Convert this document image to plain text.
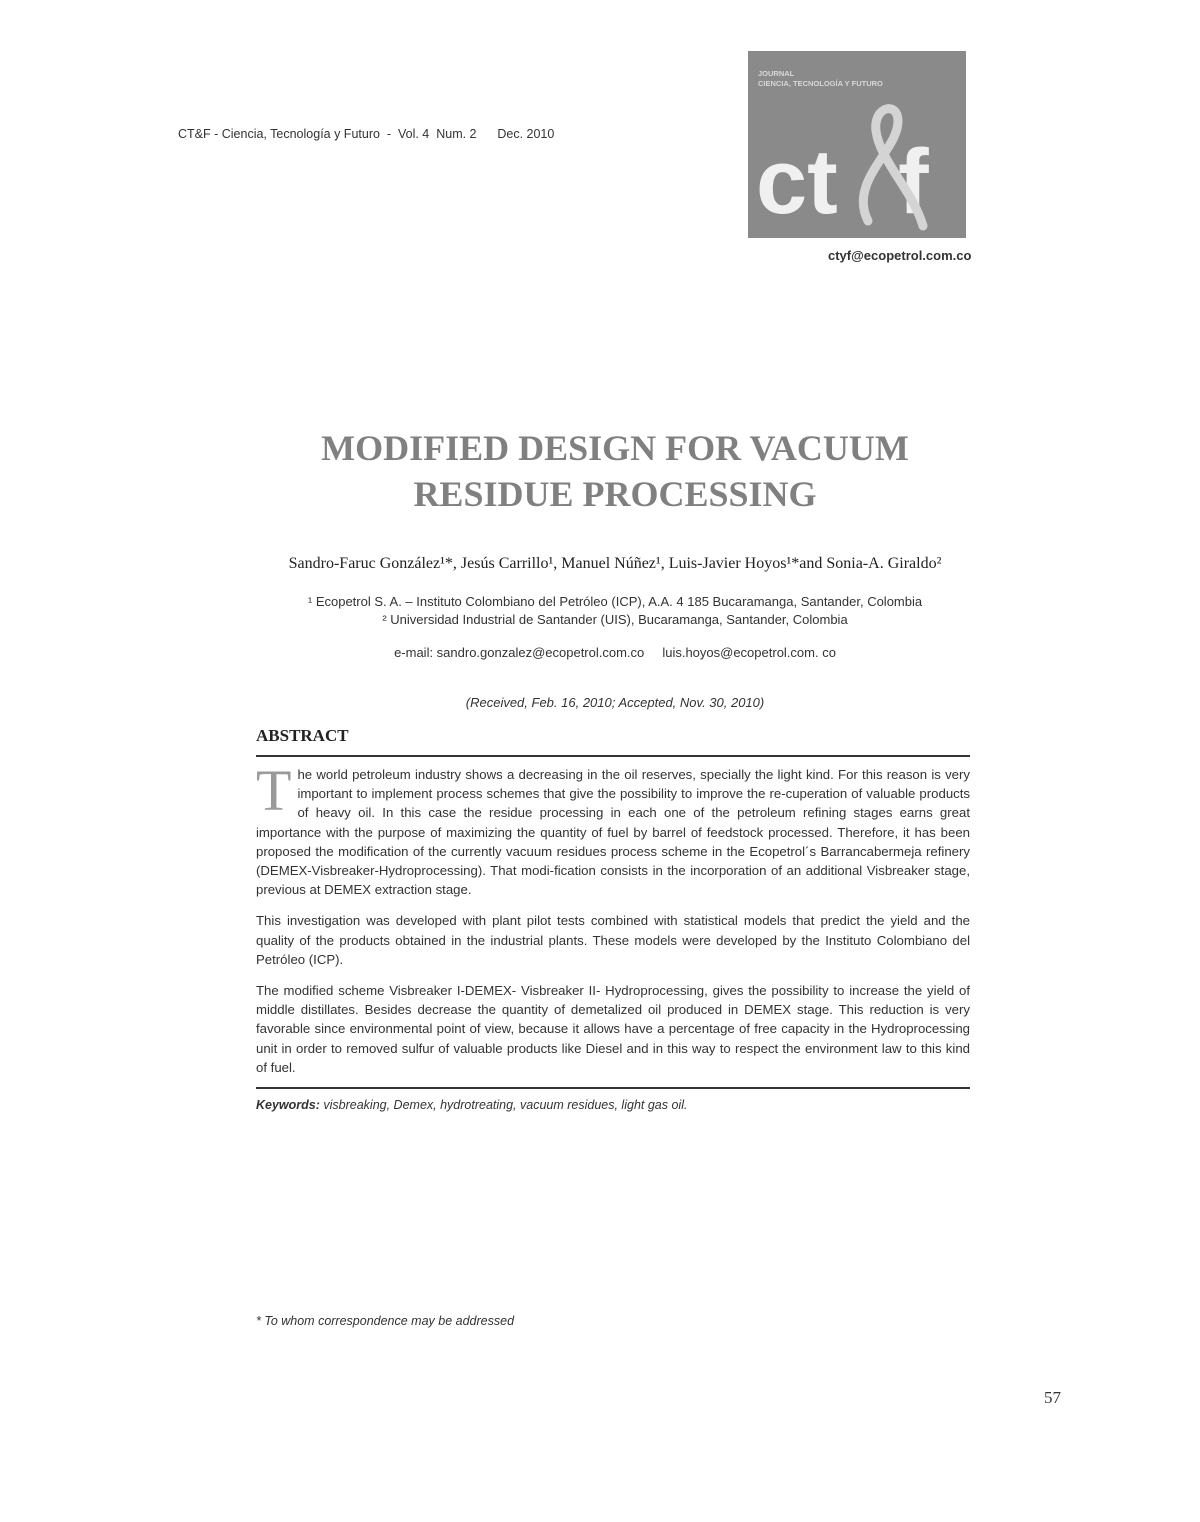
CT&F - Ciencia, Tecnología y Futuro  -  Vol. 4  Num. 2      Dec. 2010
JOURNAL
CIENCIA, TECNOLOGÍA Y FUTURO
ct f
ctyf@ecopetrol.com.co
MODIFIED DESIGN FOR VACUUM
RESIDUE PROCESSING
Sandro-Faruc González¹*, Jesús Carrillo¹, Manuel Núñez¹, Luis-Javier Hoyos¹*and Sonia-A. Giraldo²
¹ Ecopetrol S. A. – Instituto Colombiano del Petróleo (ICP), A.A. 4 185 Bucaramanga, Santander, Colombia
² Universidad Industrial de Santander (UIS), Bucaramanga, Santander, Colombia
e-mail: sandro.gonzalez@ecopetrol.com.co     luis.hoyos@ecopetrol.com. co
(Received, Feb. 16, 2010; Accepted, Nov. 30, 2010)
ABSTRACT

The world petroleum industry shows a decreasing in the oil reserves, specially the light kind. For this reason is very important to implement process schemes that give the possibility to improve the re-cuperation of valuable products of heavy oil. In this case the residue processing in each one of the petroleum refining stages earns great importance with the purpose of maximizing the quantity of fuel by barrel of feedstock processed. Therefore, it has been proposed the modification of the currently vacuum residues process scheme in the Ecopetrol´s Barrancabermeja refinery (DEMEX-Visbreaker-Hydroprocessing). That modi-fication consists in the incorporation of an additional Visbreaker stage, previous at DEMEX extraction stage.

This investigation was developed with plant pilot tests combined with statistical models that predict the yield and the quality of the products obtained in the industrial plants. These models were developed by the Instituto Colombiano del Petróleo (ICP).

The modified scheme Visbreaker I-DEMEX- Visbreaker II- Hydroprocessing, gives the possibility to increase the yield of middle distillates. Besides decrease the quantity of demetalized oil produced in DEMEX stage. This reduction is very favorable since environmental point of view, because it allows have a percentage of free capacity in the Hydroprocessing unit in order to removed sulfur of valuable products like Diesel and in this way to respect the environment law to this kind of fuel.

Keywords: visbreaking, Demex, hydrotreating, vacuum residues, light gas oil.
* To whom correspondence may be addressed
57
